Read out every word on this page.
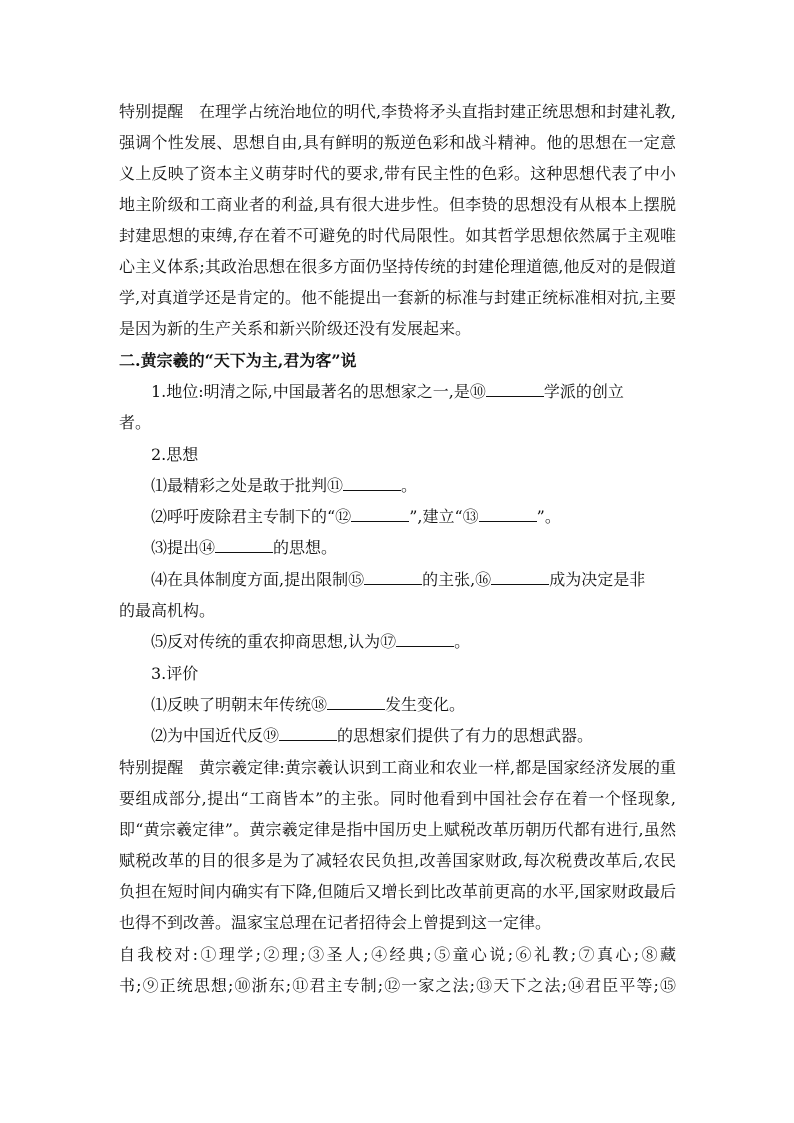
特别提醒 在理学占统治地位的明代,李贽将矛头直指封建正统思想和封建礼教,强调个性发展、思想自由,具有鲜明的叛逆色彩和战斗精神。他的思想在一定意义上反映了资本主义萌芽时代的要求,带有民主性的色彩。这种思想代表了中小地主阶级和工商业者的利益,具有很大进步性。但李贽的思想没有从根本上摆脱封建思想的束缚,存在着不可避免的时代局限性。如其哲学思想依然属于主观唯心主义体系;其政治思想在很多方面仍坚持传统的封建伦理道德,他反对的是假道学,对真道学还是肯定的。他不能提出一套新的标准与封建正统标准相对抗,主要是因为新的生产关系和新兴阶级还没有发展起来。

二.黄宗羲的“天下为主,君为客”说

1.地位:明清之际,中国最著名的思想家之一,是⑩	学派的创立

者。

2.思想

⑴最精彩之处是敢于批判⑪	。

⑵呼吁废除君主专制下的“⑫	”,建立“⑬	”。

⑶提出⑭	的思想。

⑷在具体制度方面,提出限制⑮	的主张,⑯	成为决定是非

的最高机构。

⑸反对传统的重农抑商思想,认为⑰	。

3.评价

⑴反映了明朝末年传统⑱	发生变化。

⑵为中国近代反⑲	的思想家们提供了有力的思想武器。

特别提醒 黄宗羲定律:黄宗羲认识到工商业和农业一样,都是国家经济发展的重要组成部分,提出“工商皆本”的主张。同时他看到中国社会存在着一个怪现象,即“黄宗羲定律”。黄宗羲定律是指中国历史上赋税改革历朝历代都有进行,虽然赋税改革的目的很多是为了减轻农民负担,改善国家财政,每次税费改革后,农民负担在短时间内确实有下降,但随后又增长到比改革前更高的水平,国家财政最后也得不到改善。温家宝总理在记者招待会上曾提到这一定律。

自我校对:①理学;②理;③圣人;④经典;⑤童心说;⑥礼教;⑦真心;⑧藏

书;⑨正统思想;⑩浙东;⑪君主专制;⑫一家之法;⑬天下之法;⑭君臣平等;⑮
